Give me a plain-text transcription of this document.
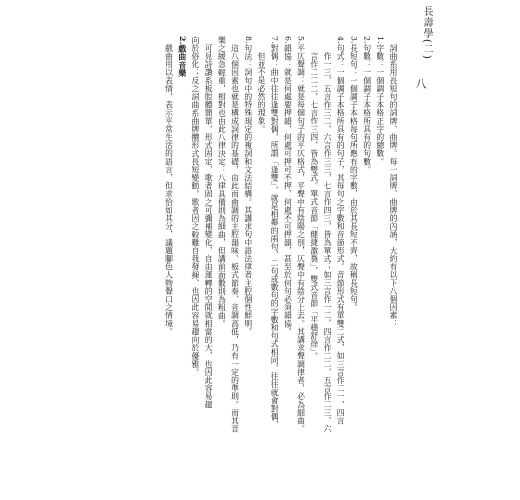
長壽學(二)
八
詞曲系用長短句的詞牌、曲牌。每一詞牌、曲牌的內涵，大約有以下八個因素：
1.字數：一個調子本格正字的總數。
2.句數：一個調子本格所具有的句數。
3.長短句：一個調子本格每句所應有的字數，由於其長短不齊，故稱長短句。
4.句式：一個調子本格所具有的句子，其每句之字數和音節形式。音節形式有單雙二式，如三言作二一，四言
作一三，五言作三二，六言作三三，七言作四三，皆為單式；如三言作一二，四言作二二，五言作二三，六
言作二二二，七言作三四，皆為雙式。單式音節「健捷激裊」，雙式音節「平穩舒徐」。
5.平仄聲調：就是每個句子的平仄格式，平聲中有陰陽之別，仄聲中有陰分上去。其講求聲調律者，必為細曲。
6.韻協：就是何處要押韻，何處可押可不押，何處不可押韻，甚至於何句必須韻協。
7.對偶：曲中往往逢雙對偶，所謂「逢雙」，就是相鄰的兩句，二句或數句的字數和句式相同，往往就會對偶，
但並不是必然的現象。
8.句法：詞句中的特殊規定的複詞和文法結構。其講求句中語法律者主腔個性鮮明。
這八個因素也就是構成詞律的基礎，由此而曲調的主腔韻味、板式節奏、音調高低，乃有一定的準則。而其音
樂之緩急輕重，相對也由此八律決定：八律具備則為細曲，但講前面數則為粗曲。
可見詩讚系板腔體簡單，形式固定，歌者固之可彌補變化，自由運轉的空間就相當的大，也因此容易趨
向於俗化；反之詞曲系曲牌體形式長短變動，歌者因之較難自我發揮，也因此容易趨向於優雅。
2.戲曲音樂
戲曲用以表情，表示平常生活的語言，但求恰如其分，議題腳色人物聲口之情境。
